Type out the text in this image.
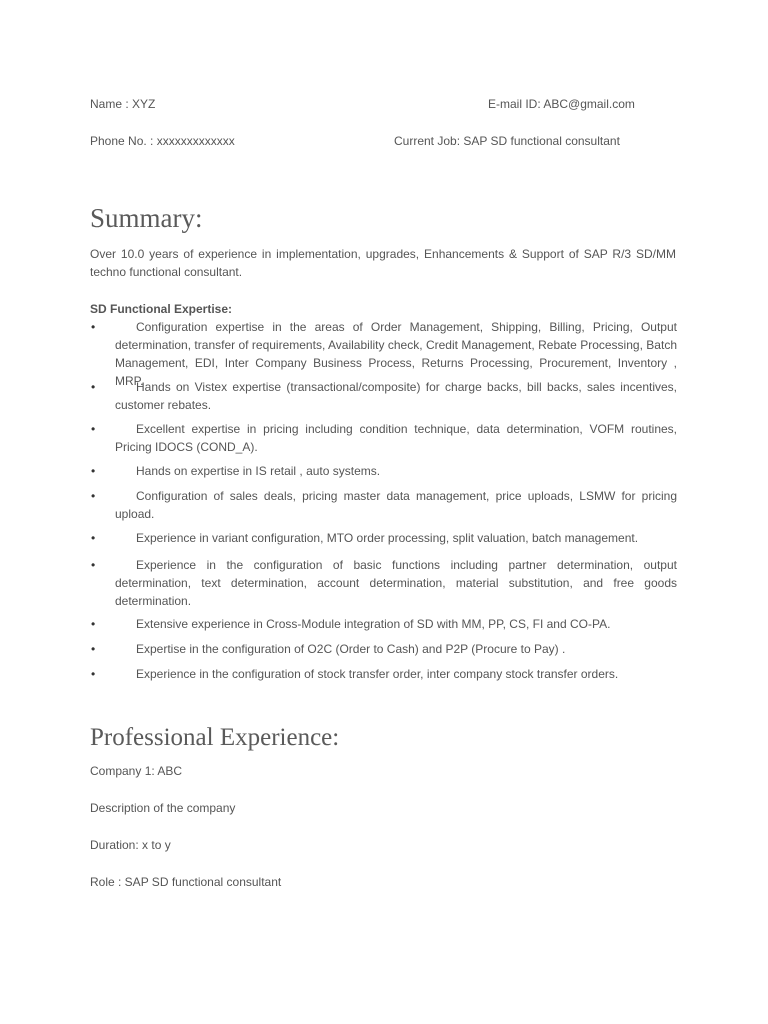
Name : XYZ	E-mail ID: ABC@gmail.com
Phone No. : xxxxxxxxxxxxx	Current Job: SAP SD functional consultant
Summary:
Over 10.0 years of experience in implementation, upgrades, Enhancements & Support of SAP R/3 SD/MM techno functional consultant.
SD Functional Expertise:
•	Configuration expertise in the areas of Order Management, Shipping, Billing, Pricing, Output determination, transfer of requirements, Availability check, Credit Management, Rebate Processing, Batch Management, EDI, Inter Company Business Process, Returns Processing, Procurement, Inventory , MRP.
•	Hands on Vistex expertise (transactional/composite) for charge backs, bill backs, sales incentives, customer rebates.
•	Excellent expertise in pricing including condition technique, data determination, VOFM routines, Pricing IDOCS (COND_A).
•	Hands on expertise in IS retail , auto systems.
•	Configuration of sales deals, pricing master data management, price uploads, LSMW for pricing upload.
•	Experience in variant configuration, MTO order processing, split valuation, batch management.
•	Experience in the configuration of basic functions including partner determination, output determination, text determination, account determination, material substitution, and free goods determination.
•	Extensive experience in Cross-Module integration of SD with MM, PP, CS, FI and CO-PA.
•	Expertise in the configuration of O2C (Order to Cash) and P2P (Procure to Pay) .
•	Experience in the configuration of stock transfer order, inter company stock transfer orders.
Professional Experience:
Company 1: ABC
Description of the company
Duration: x to y
Role : SAP SD functional consultant
